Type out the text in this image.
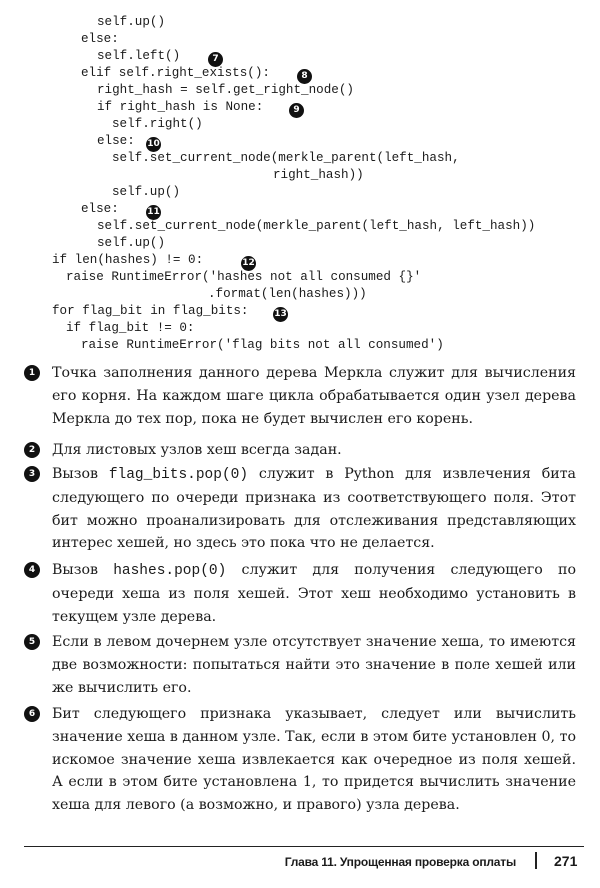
self.up()
else:
self.left()	7
elif self.right_exists():	8
right_hash = self.get_right_node()
if right_hash is None:	9
self.right()
else: 10
self.set_current_node(merkle_parent(left_hash,
right_hash))
self.up()
else:	11
self.set_current_node(merkle_parent(left_hash, left_hash))
self.up()
if len(hashes) != 0:	12
raise RuntimeError('hashes not all consumed {}'
.format(len(hashes)))
for flag_bit in flag_bits:	13
if flag_bit != 0:
raise RuntimeError('flag bits not all consumed')
1	Точка заполнения данного дерева Меркла служит для вычисления его корня. На каждом шаге цикла обрабатывается один узел дерева Меркла до тех пор, пока не будет вычислен его корень.
2	Для листовых узлов хеш всегда задан.
3	Вызов flag_bits.pop(0) служит в Python для извлечения бита следующего по очереди признака из соответствующего поля. Этот бит можно проанализировать для отслеживания представляющих интерес хешей, но здесь это пока что не делается.
4	Вызов hashes.pop(0) служит для получения следующего по очереди хеша из поля хешей. Этот хеш необходимо установить в текущем узле дерева.
5	Если в левом дочернем узле отсутствует значение хеша, то имеются две возможности: попытаться найти это значение в поле хешей или же вычислить его.
6	Бит следующего признака указывает, следует или вычислить значение хеша в данном узле. Так, если в этом бите установлен 0, то искомое значение хеша извлекается как очередное из поля хешей. А если в этом бите установлена 1, то придется вычислить значение хеша для левого (а возможно, и правого) узла дерева.
Глава 11. Упрощенная проверка оплаты	271
